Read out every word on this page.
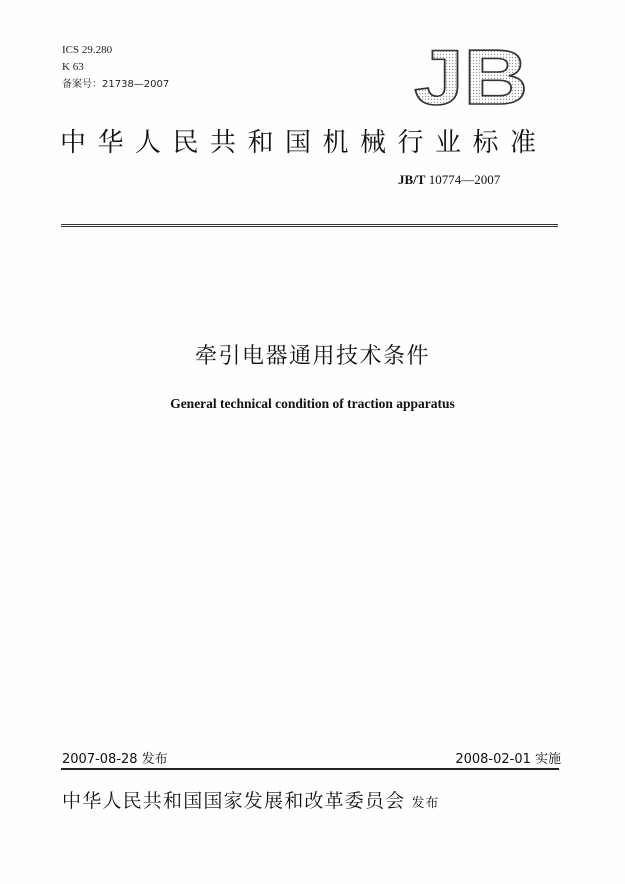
ICS 29.280
K 63
备案号：21738—2007	JB
中华人民共和国机械行业标准
JB/T 10774—2007
牵引电器通用技术条件
General technical condition of traction apparatus
2007-08-28 发布	2008-02-01 实施
中华人民共和国国家发展和改革委员会 发布
